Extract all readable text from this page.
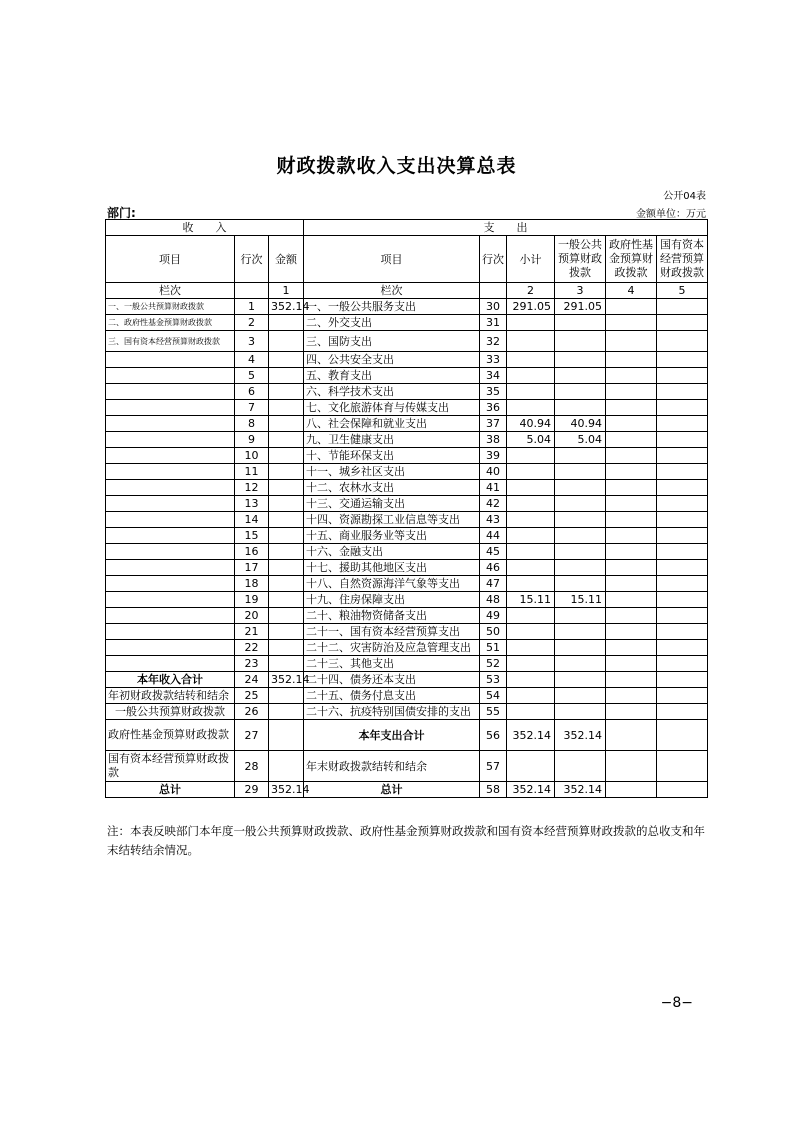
财政拨款收入支出决算总表
公开04表
部门:	金额单位：万元
收　　入			支　　出					
项目	行次	金额	项目	行次	小计	一般公共预算财政拨款	政府性基金预算财政拨款	国有资本经营预算财政拨款
栏次		1	栏次		2	3	4	5
一、一般公共预算财政拨款	1	352.14	一、一般公共服务支出	30	291.05	291.05		
二、政府性基金预算财政拨款	2		二、外交支出	31				
三、国有资本经营预算财政拨款	3		三、国防支出	32				
	4		四、公共安全支出	33				
	5		五、教育支出	34				
	6		六、科学技术支出	35				
	7		七、文化旅游体育与传媒支出	36				
	8		八、社会保障和就业支出	37	40.94	40.94		
	9		九、卫生健康支出	38	5.04	5.04		
	10		十、节能环保支出	39				
	11		十一、城乡社区支出	40				
	12		十二、农林水支出	41				
	13		十三、交通运输支出	42				
	14		十四、资源勘探工业信息等支出	43				
	15		十五、商业服务业等支出	44				
	16		十六、金融支出	45				
	17		十七、援助其他地区支出	46				
	18		十八、自然资源海洋气象等支出	47				
	19		十九、住房保障支出	48	15.11	15.11		
	20		二十、粮油物资储备支出	49				
	21		二十一、国有资本经营预算支出	50				
	22		二十二、灾害防治及应急管理支出	51				
	23		二十三、其他支出	52				
本年收入合计	24	352.14	二十四、债务还本支出	53				
年初财政拨款结转和结余	25		二十五、债务付息支出	54				
一般公共预算财政拨款	26		二十六、抗疫特别国债安排的支出	55				
政府性基金预算财政拨款	27		本年支出合计	56	352.14	352.14		
国有资本经营预算财政拨款	28		年末财政拨款结转和结余	57				
总计	29	352.14	总计	58	352.14	352.14		
注：本表反映部门本年度一般公共预算财政拨款、政府性基金预算财政拨款和国有资本经营预算财政拨款的总收支和年末结转结余情况。
−8−
